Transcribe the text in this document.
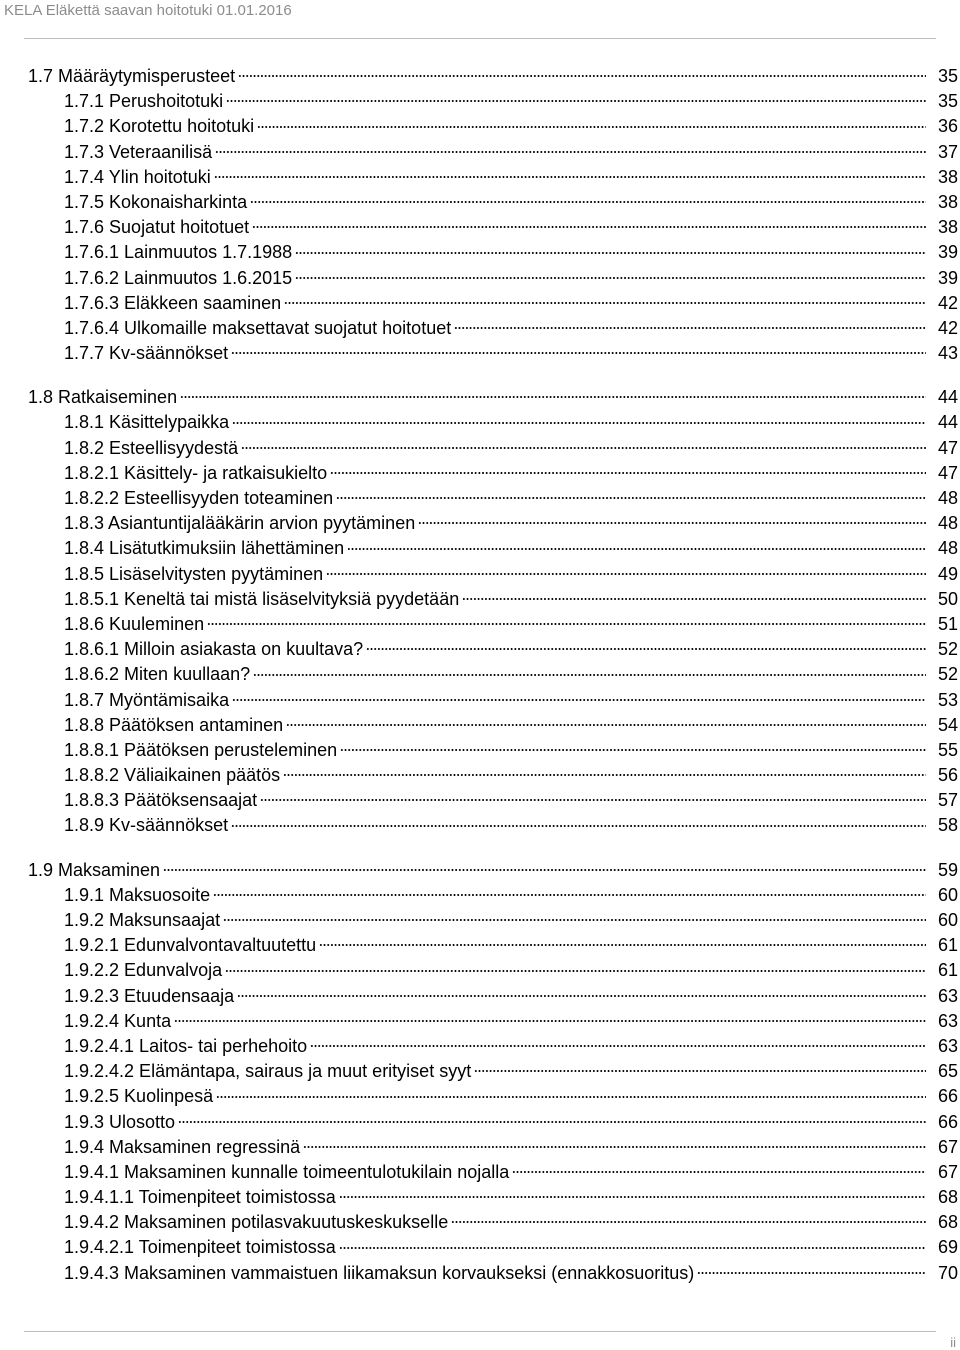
KELA Eläkettä saavan hoitotuki 01.01.2016
1.7 Määräytymisperusteet	35
1.7.1 Perushoitotuki	35
1.7.2 Korotettu hoitotuki	36
1.7.3 Veteraanilisä	37
1.7.4 Ylin hoitotuki	38
1.7.5 Kokonaisharkinta	38
1.7.6 Suojatut hoitotuet	38
1.7.6.1 Lainmuutos 1.7.1988	39
1.7.6.2 Lainmuutos 1.6.2015	39
1.7.6.3 Eläkkeen saaminen	42
1.7.6.4 Ulkomaille maksettavat suojatut hoitotuet	42
1.7.7 Kv-säännökset	43
1.8 Ratkaiseminen	44
1.8.1 Käsittelypaikka	44
1.8.2 Esteellisyydestä	47
1.8.2.1 Käsittely- ja ratkaisukielto	47
1.8.2.2 Esteellisyyden toteaminen	48
1.8.3 Asiantuntijalääkärin arvion pyytäminen	48
1.8.4 Lisätutkimuksiin lähettäminen	48
1.8.5 Lisäselvitysten pyytäminen	49
1.8.5.1 Keneltä tai mistä lisäselvityksiä pyydetään	50
1.8.6 Kuuleminen	51
1.8.6.1 Milloin asiakasta on kuultava?	52
1.8.6.2 Miten kuullaan?	52
1.8.7 Myöntämisaika	53
1.8.8 Päätöksen antaminen	54
1.8.8.1 Päätöksen perusteleminen	55
1.8.8.2 Väliaikainen päätös	56
1.8.8.3 Päätöksensaajat	57
1.8.9 Kv-säännökset	58
1.9 Maksaminen	59
1.9.1 Maksuosoite	60
1.9.2 Maksunsaajat	60
1.9.2.1 Edunvalvontavaltuutettu	61
1.9.2.2 Edunvalvoja	61
1.9.2.3 Etuudensaaja	63
1.9.2.4 Kunta	63
1.9.2.4.1 Laitos- tai perhehoito	63
1.9.2.4.2 Elämäntapa, sairaus ja muut erityiset syyt	65
1.9.2.5 Kuolinpesä	66
1.9.3 Ulosotto	66
1.9.4 Maksaminen regressinä	67
1.9.4.1 Maksaminen kunnalle toimeentulotukilain nojalla	67
1.9.4.1.1 Toimenpiteet toimistossa	68
1.9.4.2 Maksaminen potilasvakuutuskeskukselle	68
1.9.4.2.1 Toimenpiteet toimistossa	69
1.9.4.3 Maksaminen vammaistuen liikamaksun korvaukseksi (ennakkosuoritus)	70
ii
